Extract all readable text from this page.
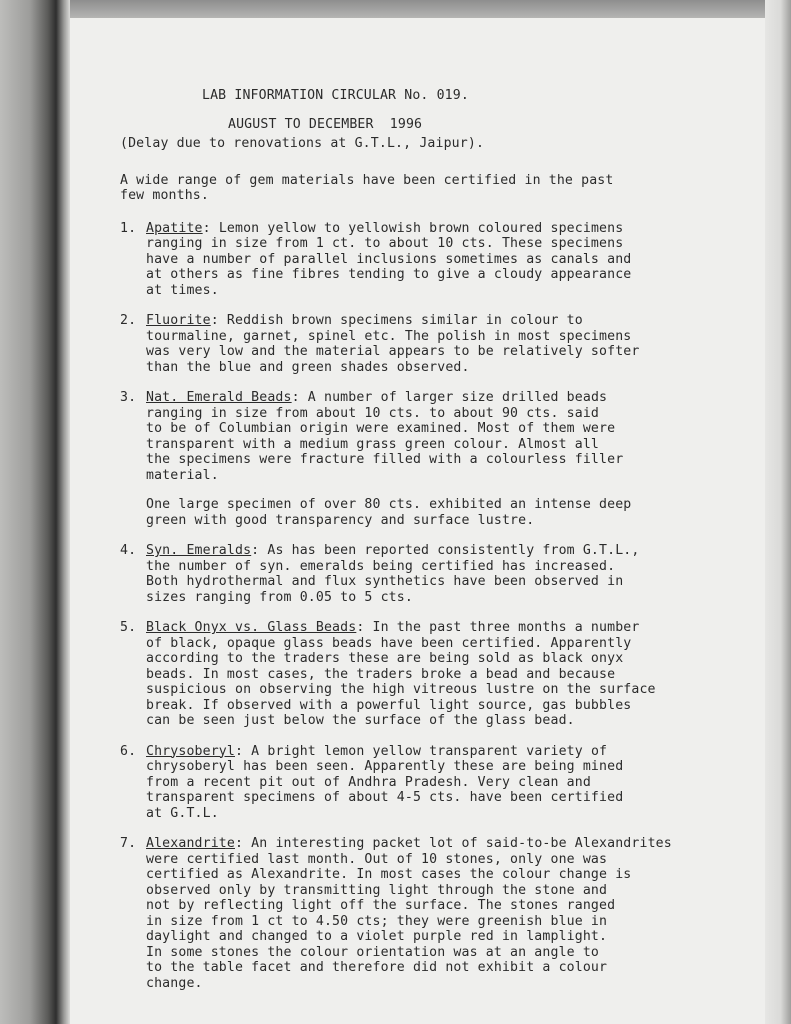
LAB INFORMATION CIRCULAR No. 019.

AUGUST TO DECEMBER  1996

(Delay due to renovations at G.T.L., Jaipur).

A wide range of gem materials have been certified in the past
few months.

1. Apatite: Lemon yellow to yellowish brown coloured specimens
ranging in size from 1 ct. to about 10 cts. These specimens
have a number of parallel inclusions sometimes as canals and
at others as fine fibres tending to give a cloudy appearance
at times.
2. Fluorite: Reddish brown specimens similar in colour to
tourmaline, garnet, spinel etc. The polish in most specimens
was very low and the material appears to be relatively softer
than the blue and green shades observed.
3. Nat. Emerald Beads: A number of larger size drilled beads
ranging in size from about 10 cts. to about 90 cts. said
to be of Columbian origin were examined. Most of them were
transparent with a medium grass green colour. Almost all
the specimens were fracture filled with a colourless filler
material.
One large specimen of over 80 cts. exhibited an intense deep
green with good transparency and surface lustre.
4. Syn. Emeralds: As has been reported consistently from G.T.L.,
the number of syn. emeralds being certified has increased.
Both hydrothermal and flux synthetics have been observed in
sizes ranging from 0.05 to 5 cts.
5. Black Onyx vs. Glass Beads: In the past three months a number
of black, opaque glass beads have been certified. Apparently
according to the traders these are being sold as black onyx
beads. In most cases, the traders broke a bead and because
suspicious on observing the high vitreous lustre on the surface
break. If observed with a powerful light source, gas bubbles
can be seen just below the surface of the glass bead.
6. Chrysoberyl: A bright lemon yellow transparent variety of
chrysoberyl has been seen. Apparently these are being mined
from a recent pit out of Andhra Pradesh. Very clean and
transparent specimens of about 4-5 cts. have been certified
at G.T.L.
7. Alexandrite: An interesting packet lot of said-to-be Alexandrites
were certified last month. Out of 10 stones, only one was
certified as Alexandrite. In most cases the colour change is
observed only by transmitting light through the stone and
not by reflecting light off the surface. The stones ranged
in size from 1 ct to 4.50 cts; they were greenish blue in
daylight and changed to a violet purple red in lamplight.
In some stones the colour orientation was at an angle to
to the table facet and therefore did not exhibit a colour
change.
